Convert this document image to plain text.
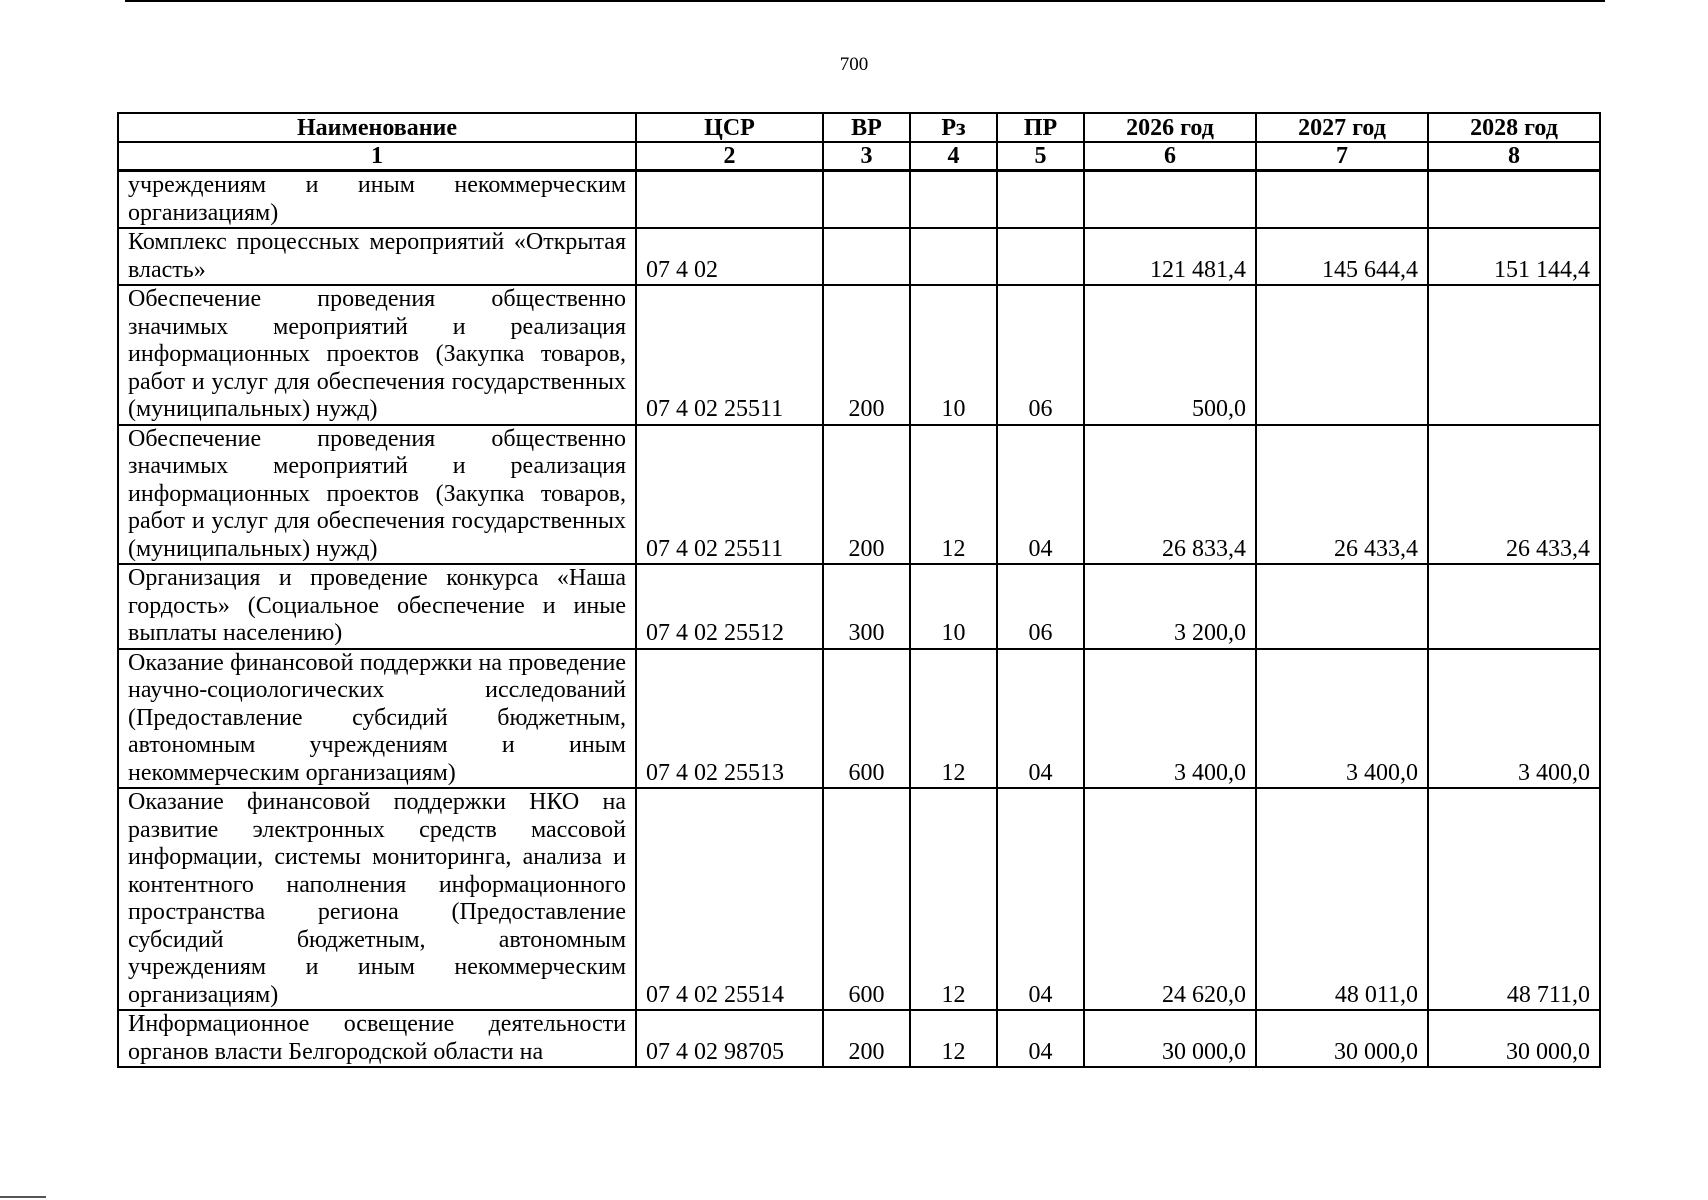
700
Наименование	ЦСР	ВР	Рз	ПР	2026 год	2027 год	2028 год
1	2	3	4	5	6	7	8
учреждениям и иным некоммерческим организациям)							
Комплекс процессных мероприятий «Открытая власть»	07 4 02				121 481,4	145 644,4	151 144,4
Обеспечение проведения общественно значимых мероприятий и реализация информационных проектов (Закупка товаров, работ и услуг для обеспечения государственных (муниципальных) нужд)	07 4 02 25511	200	10	06	500,0		
Обеспечение проведения общественно значимых мероприятий и реализация информационных проектов (Закупка товаров, работ и услуг для обеспечения государственных (муниципальных) нужд)	07 4 02 25511	200	12	04	26 833,4	26 433,4	26 433,4
Организация и проведение конкурса «Наша гордость» (Социальное обеспечение и иные выплаты населению)	07 4 02 25512	300	10	06	3 200,0		
Оказание финансовой поддержки на проведение научно-социологических исследований (Предоставление субсидий бюджетным, автономным учреждениям и иным некоммерческим организациям)	07 4 02 25513	600	12	04	3 400,0	3 400,0	3 400,0
Оказание финансовой поддержки НКО на развитие электронных средств массовой информации, системы мониторинга, анализа и контентного наполнения информационного пространства региона (Предоставление субсидий бюджетным, автономным учреждениям и иным некоммерческим организациям)	07 4 02 25514	600	12	04	24 620,0	48 011,0	48 711,0
Информационное освещение деятельности органов власти Белгородской области на	07 4 02 98705	200	12	04	30 000,0	30 000,0	30 000,0
